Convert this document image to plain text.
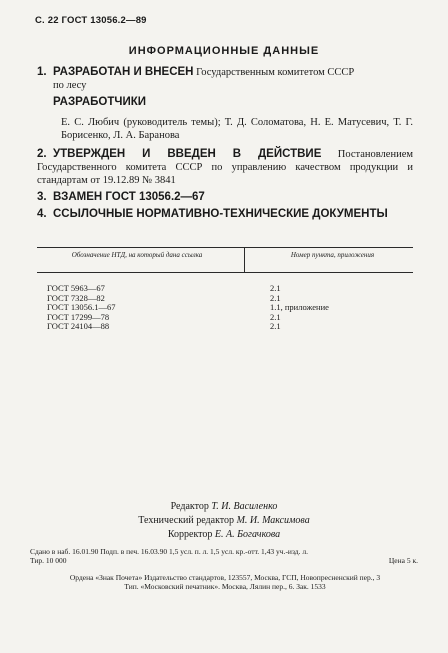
С. 22 ГОСТ 13056.2—89
ИНФОРМАЦИОННЫЕ ДАННЫЕ
1. РАЗРАБОТАН И ВНЕСЕН Государственным комитетом СССР
по лесу
РАЗРАБОТЧИКИ
Е. С. Любич (руководитель темы); Т. Д. Соломатова, Н. Е. Матусевич, Т. Г. Борисенко, Л. А. Баранова
2. УТВЕРЖДЕН И ВВЕДЕН В ДЕЙСТВИЕ Постановлением Государственного комитета СССР по управлению качеством продукции и стандартам от 19.12.89 № 3841
3. ВЗАМЕН ГОСТ 13056.2—67
4. ССЫЛОЧНЫЕ НОРМАТИВНО-ТЕХНИЧЕСКИЕ ДОКУМЕНТЫ
Обозначение НТД, на который дана ссылка	Номер пункта, приложения
ГОСТ 5963—67	2.1
ГОСТ 7328—82	2.1
ГОСТ 13056.1—67	1.1, приложение
ГОСТ 17299—78	2.1
ГОСТ 24104—88	2.1
Редактор Т. И. Василенко
Технический редактор М. И. Максимова
Корректор Е. А. Богачкова
Сдано в наб. 16.01.90 Подп. в печ. 16.03.90 1,5 усл. п. л. 1,5 усл. кр.-отт. 1,43 уч.-изд. л.
Тир. 10 000	Цена 5 к.
Ордена «Знак Почета» Издательство стандартов, 123557, Москва, ГСП, Новопресненский пер., 3
Тип. «Московский печатник». Москва, Лялин пер., 6. Зак. 1533
